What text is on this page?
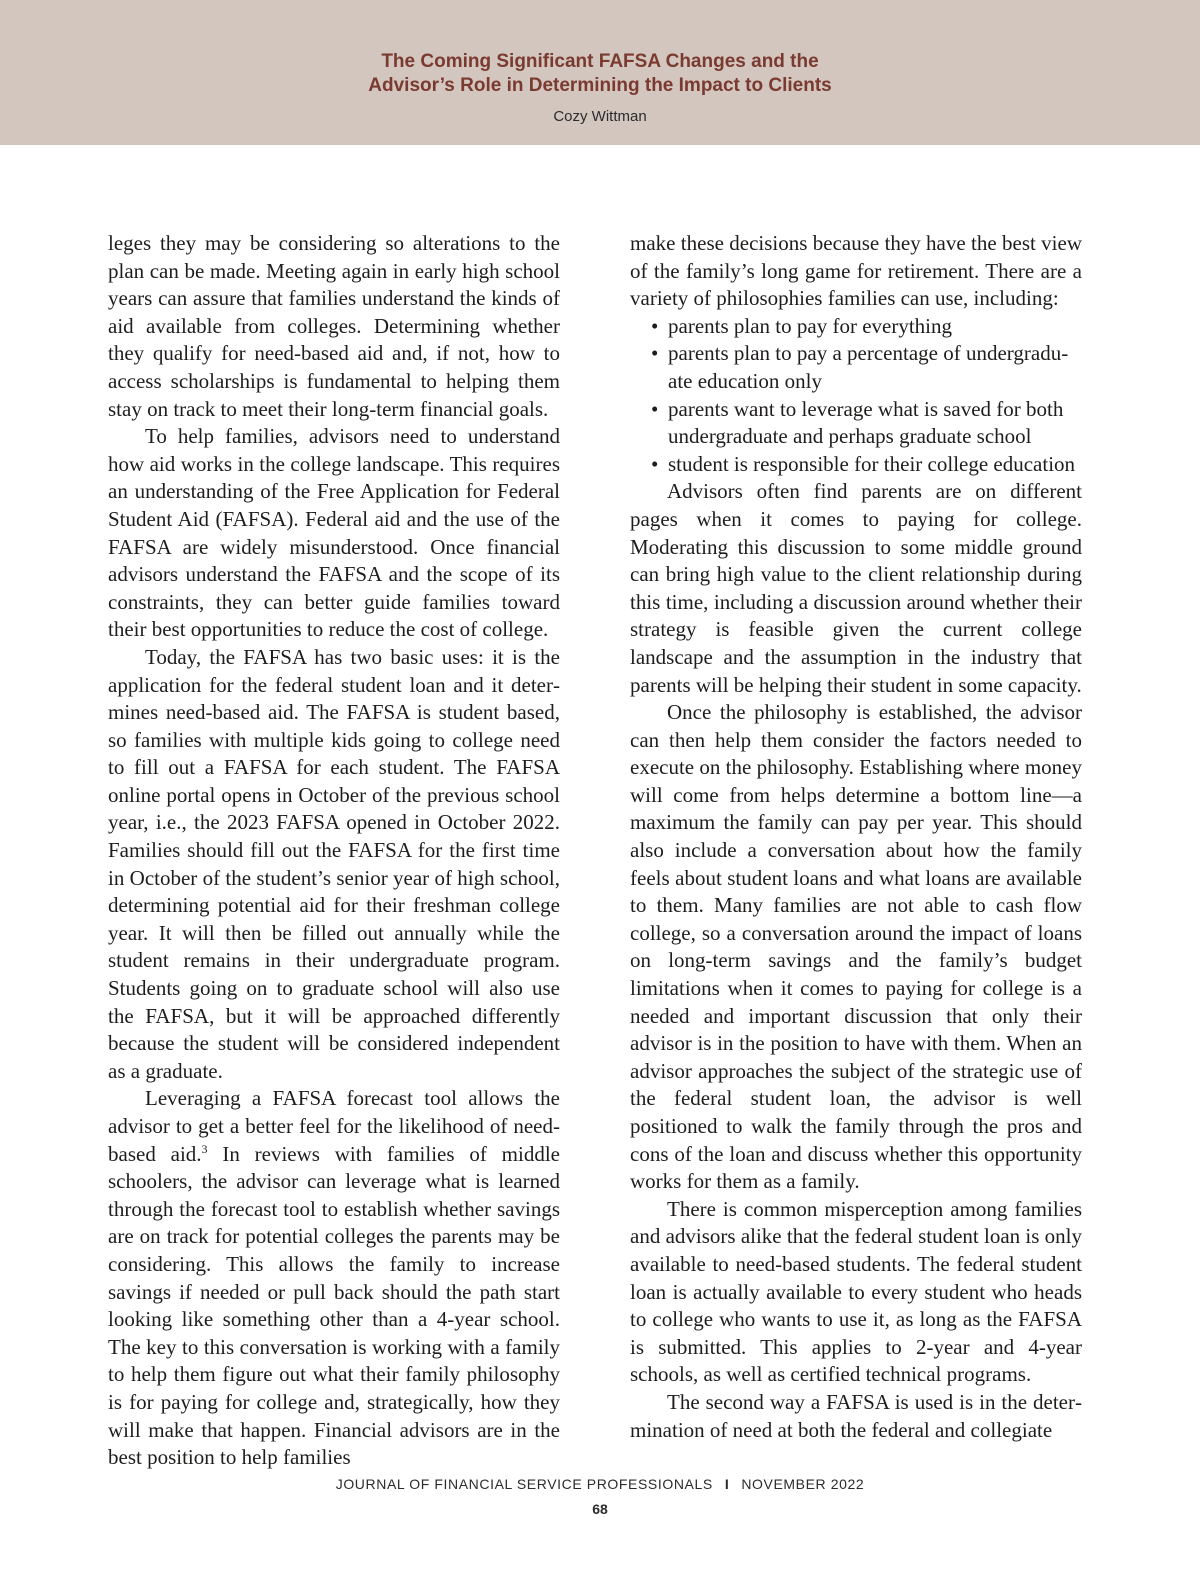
The Coming Significant FAFSA Changes and the
Advisor’s Role in Determining the Impact to Clients
Cozy Wittman

leges they may be considering so alterations to the plan can be made. Meeting again in early high school years can assure that families understand the kinds of aid available from colleges. Determining whether they qualify for need-based aid and, if not, how to access scholarships is fundamental to helping them stay on track to meet their long-term financial goals.

To help families, advisors need to understand how aid works in the college landscape. This requires an understanding of the Free Application for Federal Student Aid (FAFSA). Federal aid and the use of the FAFSA are widely misunderstood. Once financial advisors understand the FAFSA and the scope of its constraints, they can better guide families toward their best opportunities to reduce the cost of college.

Today, the FAFSA has two basic uses: it is the application for the federal student loan and it determines need-based aid. The FAFSA is student based, so families with multiple kids going to college need to fill out a FAFSA for each student. The FAFSA online portal opens in October of the previous school year, i.e., the 2023 FAFSA opened in October 2022. Families should fill out the FAFSA for the first time in October of the student’s senior year of high school, determining potential aid for their freshman college year. It will then be filled out annually while the student remains in their undergraduate program. Students going on to graduate school will also use the FAFSA, but it will be approached differently because the student will be considered independent as a graduate.

Leveraging a FAFSA forecast tool allows the advisor to get a better feel for the likelihood of need-based aid.$^3$ In reviews with families of middle schoolers, the advisor can leverage what is learned through the forecast tool to establish whether savings are on track for potential colleges the parents may be considering. This allows the family to increase savings if needed or pull back should the path start looking like something other than a 4-year school. The key to this conversation is working with a family to help them figure out what their family philosophy is for paying for college and, strategically, how they will make that happen. Financial advisors are in the best position to help families

make these decisions because they have the best view of the family’s long game for retirement. There are a variety of philosophies families can use, including:

• parents plan to pay for everything
• parents plan to pay a percentage of undergraduate education only
• parents want to leverage what is saved for both undergraduate and perhaps graduate school
• student is responsible for their college education

Advisors often find parents are on different pages when it comes to paying for college. Moderating this discussion to some middle ground can bring high value to the client relationship during this time, including a discussion around whether their strategy is feasible given the current college landscape and the assumption in the industry that parents will be helping their student in some capacity.

Once the philosophy is established, the advisor can then help them consider the factors needed to execute on the philosophy. Establishing where money will come from helps determine a bottom line—a maximum the family can pay per year. This should also include a conversation about how the family feels about student loans and what loans are available to them. Many families are not able to cash flow college, so a conversation around the impact of loans on long-term savings and the family’s budget limitations when it comes to paying for college is a needed and important discussion that only their advisor is in the position to have with them. When an advisor approaches the subject of the strategic use of the federal student loan, the advisor is well positioned to walk the family through the pros and cons of the loan and discuss whether this opportunity works for them as a family.

There is common misperception among families and advisors alike that the federal student loan is only available to need-based students. The federal student loan is actually available to every student who heads to college who wants to use it, as long as the FAFSA is submitted. This applies to 2-year and 4-year schools, as well as certified technical programs.

The second way a FAFSA is used is in the determination of need at both the federal and collegiate

JOURNAL OF FINANCIAL SERVICE PROFESSIONALS I NOVEMBER 2022
68
